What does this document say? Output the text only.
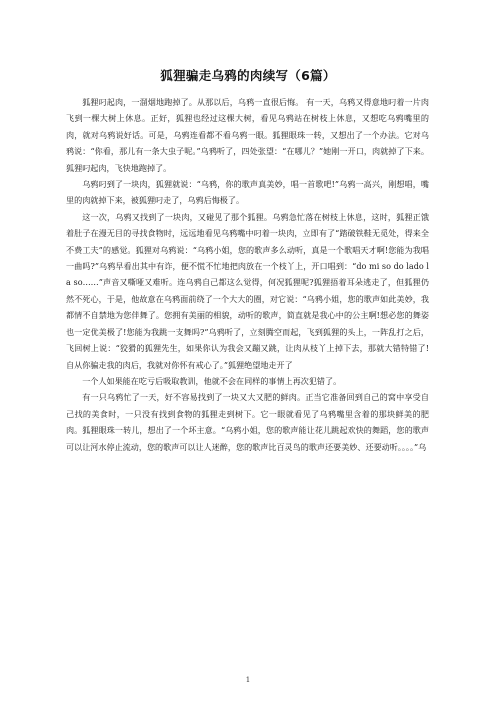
狐狸骗走乌鸦的肉续写（6篇）

狐狸叼起肉，一溜烟地跑掉了。从那以后，乌鸦一直很后悔。 有一天，乌鸦又得意地叼着一片肉飞到一棵大树上休息。正好，狐狸也经过这棵大树，看见乌鸦站在树枝上休息，又想吃乌鸦嘴里的肉，就对乌鸦说好话。可是，乌鸦连看都不看乌鸦一眼。狐狸眼珠一转，又想出了一个办法。它对乌鸦说：“你看，那儿有一条大虫子呢。”乌鸦听了，四处张望：“在哪儿？”她刚一开口，肉就掉了下来。狐狸叼起肉，飞快地跑掉了。

乌鸦叼到了一块肉，狐狸就说：“乌鸦，你的歌声真美妙，唱一首歌吧!”乌鸦一高兴，刚想唱，嘴里的肉就掉下来，被狐狸叼走了，乌鸦后悔极了。

这一次，乌鸦又找到了一块肉，又碰见了那个狐狸。乌鸦急忙落在树枝上休息，这时，狐狸正饿着肚子在漫无目的寻找食物时，远远地看见乌鸦嘴中叼着一块肉，立即有了“踏破铁鞋无觅处，得来全不费工夫”的感觉。狐狸对乌鸦说：“乌鸦小姐，您的歌声多么动听，真是一个歌唱天才啊!您能为我唱一曲吗?”乌鸦早看出其中有诈，便不慌不忙地把肉放在一个枝丫上，开口唱到：“do mi so do lado la so……”声音又嘶哑又难听。连乌鸦自己都这么觉得，何况狐狸呢?狐狸捂着耳朵逃走了，但狐狸仍然不死心，于是，他故意在乌鸦面前绕了一个大大的圈，对它说：“乌鸦小姐，您的歌声如此美妙，我都情不自禁地为您伴舞了。您拥有美丽的相貌，动听的歌声，简直就是我心中的公主啊!想必您的舞姿也一定优美极了!您能为我跳一支舞吗?”乌鸦听了，立刻腾空而起，飞到狐狸的头上，一阵乱打之后，飞回树上说：“狡猾的狐狸先生，如果你认为我会又蹦又跳，让肉从枝丫上掉下去，那就大错特错了!自从你骗走我的肉后，我就对你怀有戒心了。”狐狸绝望地走开了

一个人如果能在吃亏后吸取教训，他就不会在同样的事情上再次犯错了。

有一只乌鸦忙了一天，好不容易找到了一块又大又肥的鲜肉。正当它准备回到自己的窝中享受自己找的美食时，一只没有找到食物的狐狸走到树下。它一眼就看见了乌鸦嘴里含着的那块鲜美的肥肉。狐狸眼珠一转儿，想出了一个坏主意。“乌鸦小姐，您的歌声能让花儿跳起欢快的舞蹈，您的歌声可以让河水停止流动，您的歌声可以让人迷醉，您的歌声比百灵鸟的歌声还要美妙、还要动听。。。。”乌

1
